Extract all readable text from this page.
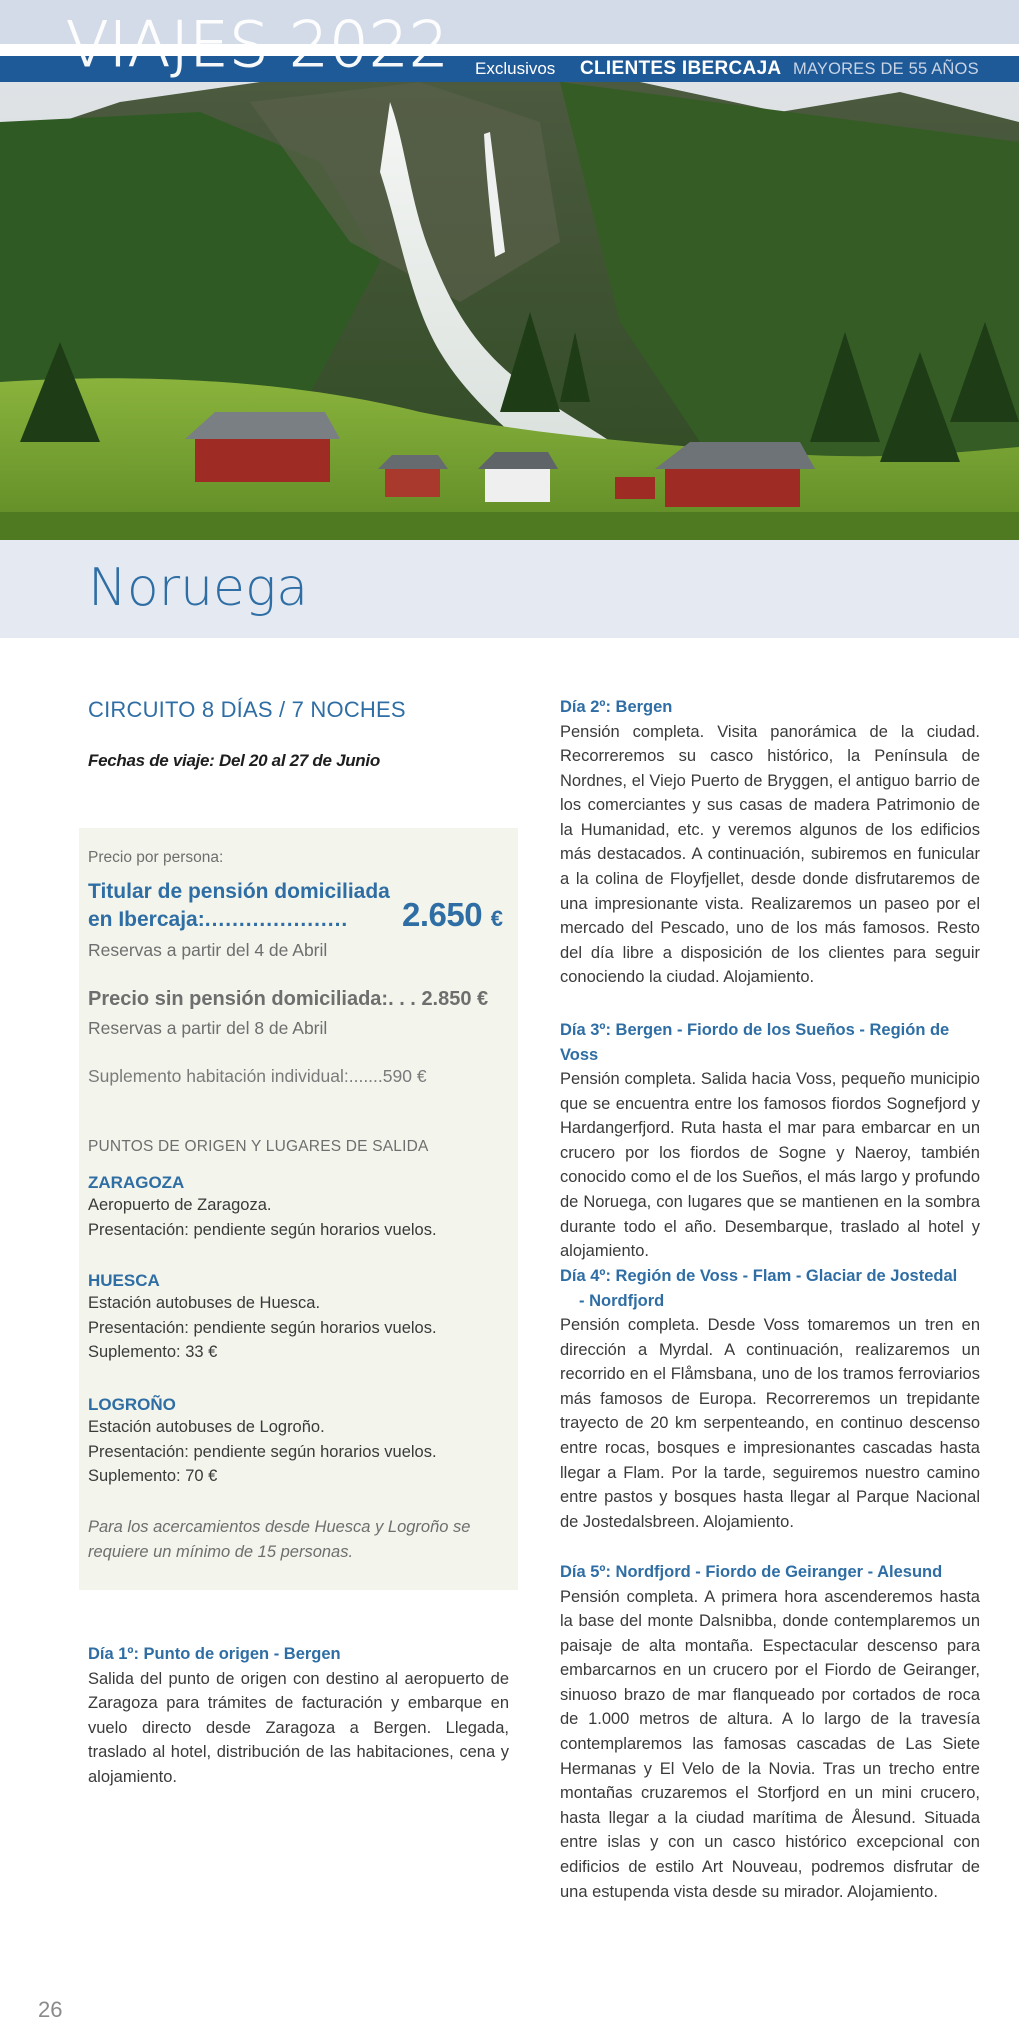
VIAJES 2022 Exclusivos CLIENTES IBERCAJA MAYORES DE 55 AÑOS
Noruega
CIRCUITO 8 DÍAS / 7 NOCHES
Fechas de viaje: Del 20 al 27 de Junio
Precio por persona:
Titular de pensión domiciliada
en Ibercaja:..................... 2.650 €
Reservas a partir del 4 de Abril
Precio sin pensión domiciliada:. . . 2.850 €
Reservas a partir del 8 de Abril
Suplemento habitación individual:.......590 €
PUNTOS DE ORIGEN Y LUGARES DE SALIDA
ZARAGOZA
Aeropuerto de Zaragoza.
Presentación: pendiente según horarios vuelos.
HUESCA
Estación autobuses de Huesca.
Presentación: pendiente según horarios vuelos.
Suplemento: 33 €
LOGROÑO
Estación autobuses de Logroño.
Presentación: pendiente según horarios vuelos.
Suplemento: 70 €
Para los acercamientos desde Huesca y Logroño se requiere un mínimo de 15 personas.
Día 1º: Punto de origen - Bergen
Salida del punto de origen con destino al aeropuerto de Zaragoza para trámites de facturación y embarque en vuelo directo desde Zaragoza a Bergen. Llegada, traslado al hotel, distribución de las habitaciones, cena y alojamiento.
Día 2º: Bergen
Pensión completa. Visita panorámica de la ciudad. Recorreremos su casco histórico, la Península de Nordnes, el Viejo Puerto de Bryggen, el antiguo barrio de los comerciantes y sus casas de madera Patrimonio de la Humanidad, etc. y veremos algunos de los edificios más destacados. A continuación, subiremos en funicular a la colina de Floyfjellet, desde donde disfrutaremos de una impresionante vista. Realizaremos un paseo por el mercado del Pescado, uno de los más famosos. Resto del día libre a disposición de los clientes para seguir conociendo la ciudad. Alojamiento.
Día 3º: Bergen - Fiordo de los Sueños - Región de Voss
Pensión completa. Salida hacia Voss, pequeño municipio que se encuentra entre los famosos fiordos Sognefjord y Hardangerfjord. Ruta hasta el mar para embarcar en un crucero por los fiordos de Sogne y Naeroy, también conocido como el de los Sueños, el más largo y profundo de Noruega, con lugares que se mantienen en la sombra durante todo el año. Desembarque, traslado al hotel y alojamiento.
Día 4º: Región de Voss - Flam - Glaciar de Jostedal
- Nordfjord
Pensión completa. Desde Voss tomaremos un tren en dirección a Myrdal. A continuación, realizaremos un recorrido en el Flåmsbana, uno de los tramos ferroviarios más famosos de Europa. Recorreremos un trepidante trayecto de 20 km serpenteando, en continuo descenso entre rocas, bosques e impresionantes cascadas hasta llegar a Flam. Por la tarde, seguiremos nuestro camino entre pastos y bosques hasta llegar al Parque Nacional de Jostedalsbreen. Alojamiento.
Día 5º: Nordfjord - Fiordo de Geiranger - Alesund
Pensión completa. A primera hora ascenderemos hasta la base del monte Dalsnibba, donde contemplaremos un paisaje de alta montaña. Espectacular descenso para embarcarnos en un crucero por el Fiordo de Geiranger, sinuoso brazo de mar flanqueado por cortados de roca de 1.000 metros de altura. A lo largo de la travesía contemplaremos las famosas cascadas de Las Siete Hermanas y El Velo de la Novia. Tras un trecho entre montañas cruzaremos el Storfjord en un mini crucero, hasta llegar a la ciudad marítima de Ålesund. Situada entre islas y con un casco histórico excepcional con edificios de estilo Art Nouveau, podremos disfrutar de una estupenda vista desde su mirador. Alojamiento.
26
